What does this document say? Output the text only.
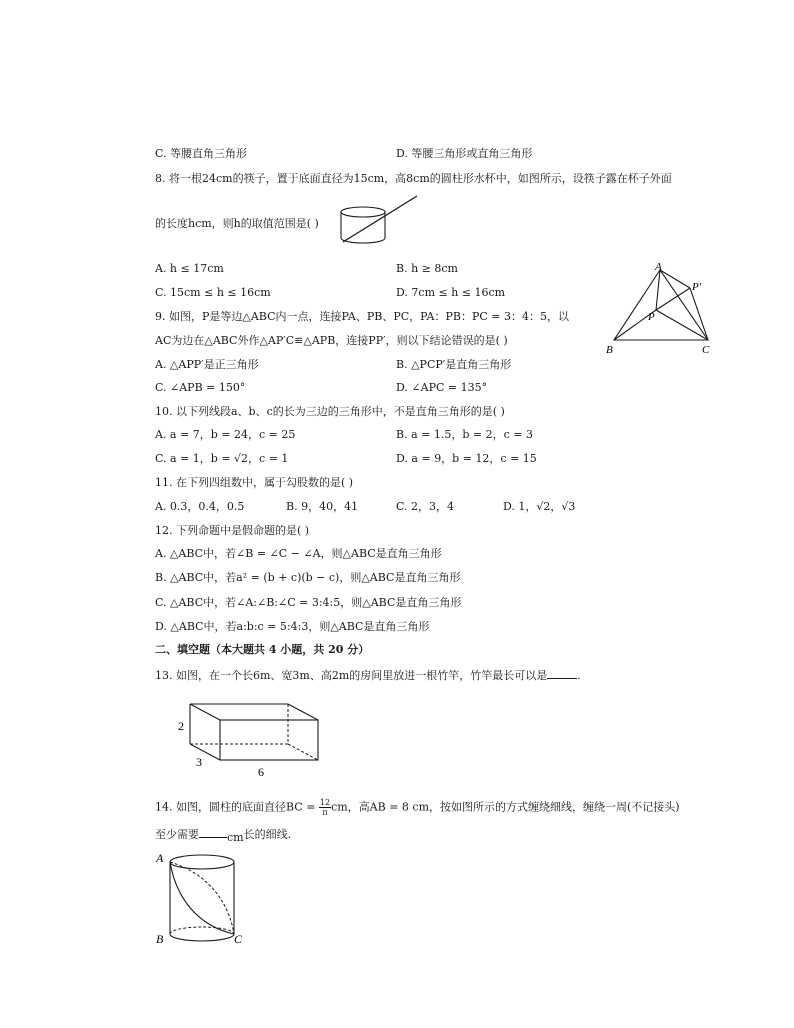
C. 等腰直角三角形	D. 等腰三角形或直角三角形
8. 将一根24cm的筷子，置于底面直径为15cm，高8cm的圆柱形水杯中，如图所示，设筷子露在杯子外面
的长度hcm，则h的取值范围是( )
A. h ≤ 17cm	B. h ≥ 8cm
C. 15cm ≤ h ≤ 16cm	D. 7cm ≤ h ≤ 16cm
9. 如图，P是等边△ABC内一点，连接PA、PB、PC，PA：PB：PC = 3：4：5，以
AC为边在△ABC外作△AP′C≌△APB，连接PP′，则以下结论错误的是( )
A
B	C
P
P′
A. △APP′是正三角形	B. △PCP′是直角三角形
C. ∠APB = 150°	D. ∠APC = 135°
10. 以下列线段a、b、c的长为三边的三角形中，不是直角三角形的是( )
A. a = 7，b = 24，c = 25	B. a = 1.5，b = 2，c = 3
C. a = 1，b = √2，c = 1	D. a = 9，b = 12，c = 15
11. 在下列四组数中，属于勾股数的是( )
A. 0.3，0.4，0.5	B. 9，40，41	C. 2，3，4	D. 1，√2，√3
12. 下列命题中是假命题的是( )
A. △ABC中，若∠B = ∠C − ∠A，则△ABC是直角三角形
B. △ABC中，若a² = (b + c)(b − c)，则△ABC是直角三角形
C. △ABC中，若∠A:∠B:∠C = 3:4:5，则△ABC是直角三角形
D. △ABC中，若a:b:c = 5:4:3，则△ABC是直角三角形
二、填空题（本大题共 4 小题，共 20 分）
13. 如图，在一个长6m、宽3m、高2m的房间里放进一根竹竿，竹竿最长可以是	.
2
3
6
14. 如图，圆柱的底面直径BC = $\frac{12}{\pi}$ cm，高AB = 8 cm，按如图所示的方式缠绕细线，缠绕一周(不记接头)
至少需要	cm长的细线.
A
B	C
